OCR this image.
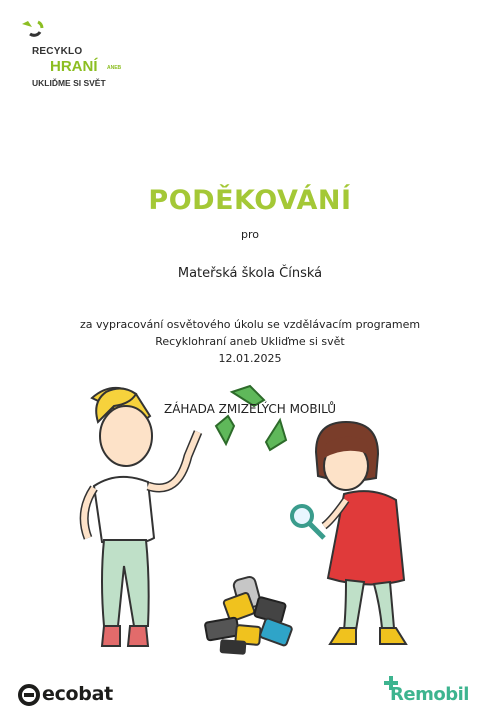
RECYKLO
HRANÍ ANEB
UKLIĎME SI SVĚT
PODĚKOVÁNÍ
pro
Mateřská škola Čínská
za vypracování osvětového úkolu se vzdělávacím programem
Recyklohraní aneb Ukliďme si svět
12.01.2025
ZÁHADA ZMIZELÝCH MOBILŮ
ecobat	Remobil
